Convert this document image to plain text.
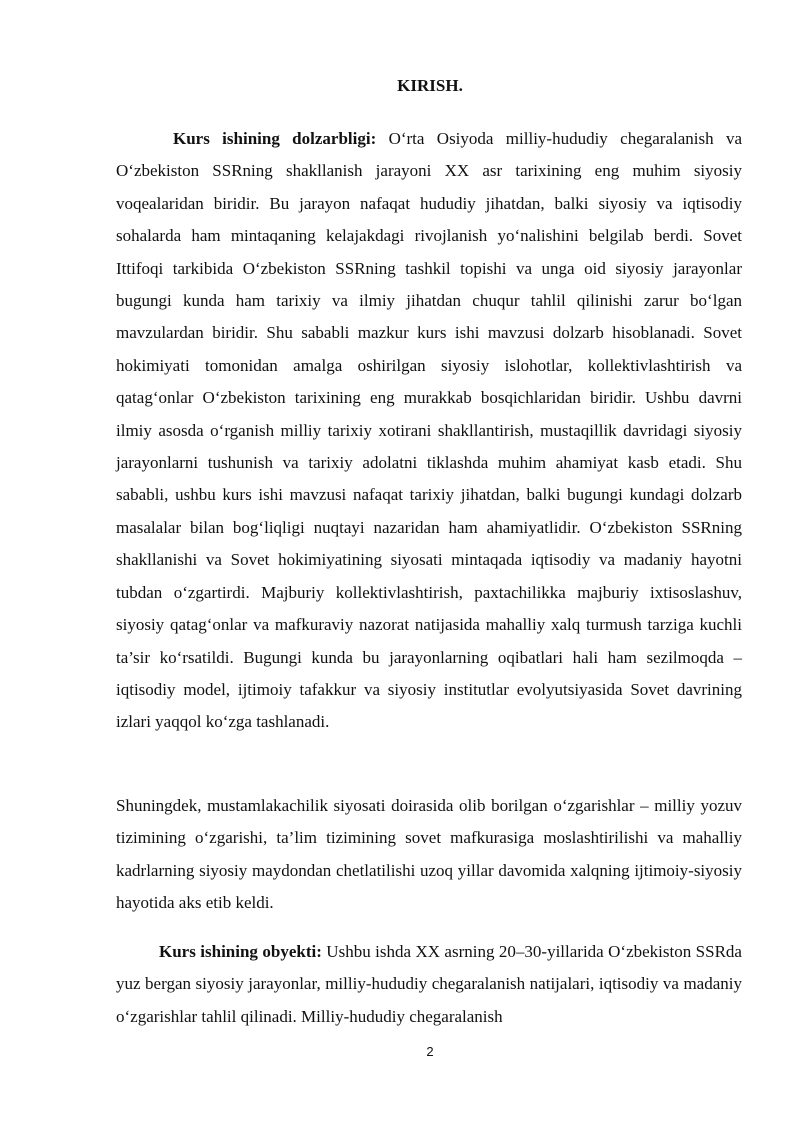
KIRISH.

Kurs ishining dolzarbligi: O‘rta Osiyoda milliy-hududiy chegaralanish va O‘zbekiston SSRning shakllanish jarayoni XX asr tarixining eng muhim siyosiy voqealaridan biridir. Bu jarayon nafaqat hududiy jihatdan, balki siyosiy va iqtisodiy sohalarda ham mintaqaning kelajakdagi rivojlanish yo‘nalishini belgilab berdi. Sovet Ittifoqi tarkibida O‘zbekiston SSRning tashkil topishi va unga oid siyosiy jarayonlar bugungi kunda ham tarixiy va ilmiy jihatdan chuqur tahlil qilinishi zarur bo‘lgan mavzulardan biridir. Shu sababli mazkur kurs ishi mavzusi dolzarb hisoblanadi. Sovet hokimiyati tomonidan amalga oshirilgan siyosiy islohotlar, kollektivlashtirish va qatag‘onlar O‘zbekiston tarixining eng murakkab bosqichlaridan biridir. Ushbu davrni ilmiy asosda o‘rganish milliy tarixiy xotirani shakllantirish, mustaqillik davridagi siyosiy jarayonlarni tushunish va tarixiy adolatni tiklashda muhim ahamiyat kasb etadi. Shu sababli, ushbu kurs ishi mavzusi nafaqat tarixiy jihatdan, balki bugungi kundagi dolzarb masalalar bilan bog‘liqligi nuqtayi nazaridan ham ahamiyatlidir. O‘zbekiston SSRning shakllanishi va Sovet hokimiyatining siyosati mintaqada iqtisodiy va madaniy hayotni tubdan o‘zgartirdi. Majburiy kollektivlashtirish, paxtachilikka majburiy ixtisoslashuv, siyosiy qatag‘onlar va mafkuraviy nazorat natijasida mahalliy xalq turmush tarziga kuchli ta’sir ko‘rsatildi. Bugungi kunda bu jarayonlarning oqibatlari hali ham sezilmoqda – iqtisodiy model, ijtimoiy tafakkur va siyosiy institutlar evolyutsiyasida Sovet davrining izlari yaqqol ko‘zga tashlanadi.

Shuningdek, mustamlakachilik siyosati doirasida olib borilgan o‘zgarishlar – milliy yozuv tizimining o‘zgarishi, ta’lim tizimining sovet mafkurasiga moslashtirilishi va mahalliy kadrlarning siyosiy maydondan chetlatilishi uzoq yillar davomida xalqning ijtimoiy-siyosiy hayotida aks etib keldi.

Kurs ishining obyekti: Ushbu ishda XX asrning 20–30-yillarida O‘zbekiston SSRda yuz bergan siyosiy jarayonlar, milliy-hududiy chegaralanish natijalari, iqtisodiy va madaniy o‘zgarishlar tahlil qilinadi. Milliy-hududiy chegaralanish

2
